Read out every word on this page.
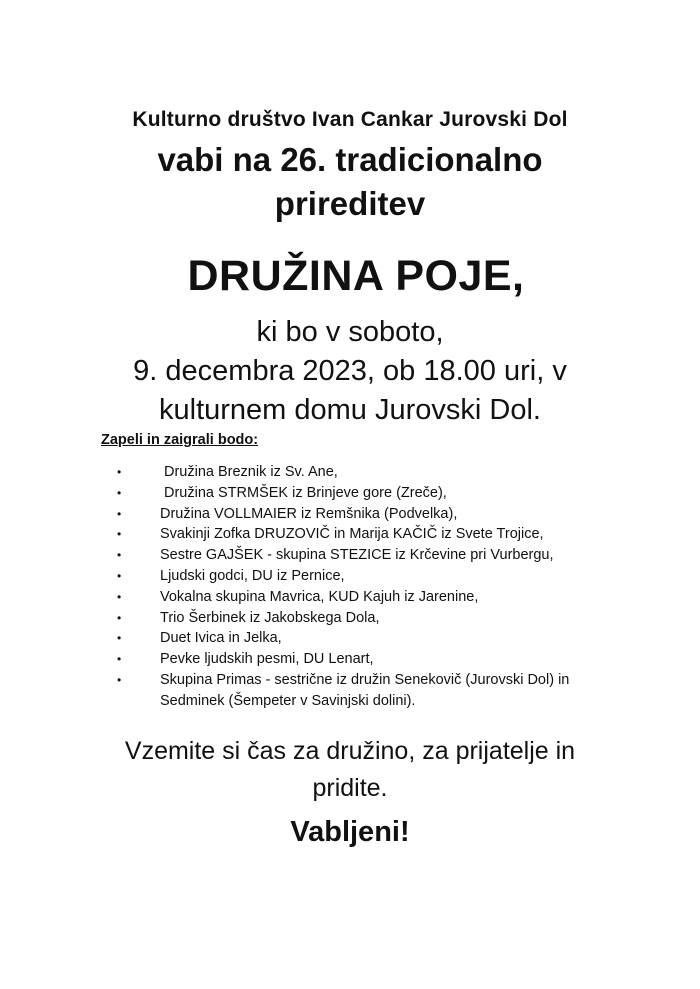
Kulturno društvo Ivan Cankar Jurovski Dol
vabi na 26. tradicionalno
prireditev
DRUŽINA POJE,
ki bo v soboto,
9. decembra 2023, ob 18.00 uri, v
kulturnem domu Jurovski Dol.
Zapeli in zaigrali bodo:
•	Družina Breznik iz Sv. Ane,
•	Družina STRMŠEK iz Brinjeve gore (Zreče),
•	Družina VOLLMAIER iz Remšnika (Podvelka),
•	Svakinji Zofka DRUZOVIČ in Marija KAČIČ iz Svete Trojice,
•	Sestre GAJŠEK - skupina STEZICE iz Krčevine pri Vurbergu,
•	Ljudski godci, DU iz Pernice,
•	Vokalna skupina Mavrica, KUD Kajuh iz Jarenine,
•	Trio Šerbinek iz Jakobskega Dola,
•	Duet Ivica in Jelka,
•	Pevke ljudskih pesmi, DU Lenart,
•	Skupina Primas - sestrične iz družin Senekovič (Jurovski Dol) in Sedminek (Šempeter v Savinjski dolini).
Vzemite si čas za družino, za prijatelje in
pridite.
Vabljeni!
